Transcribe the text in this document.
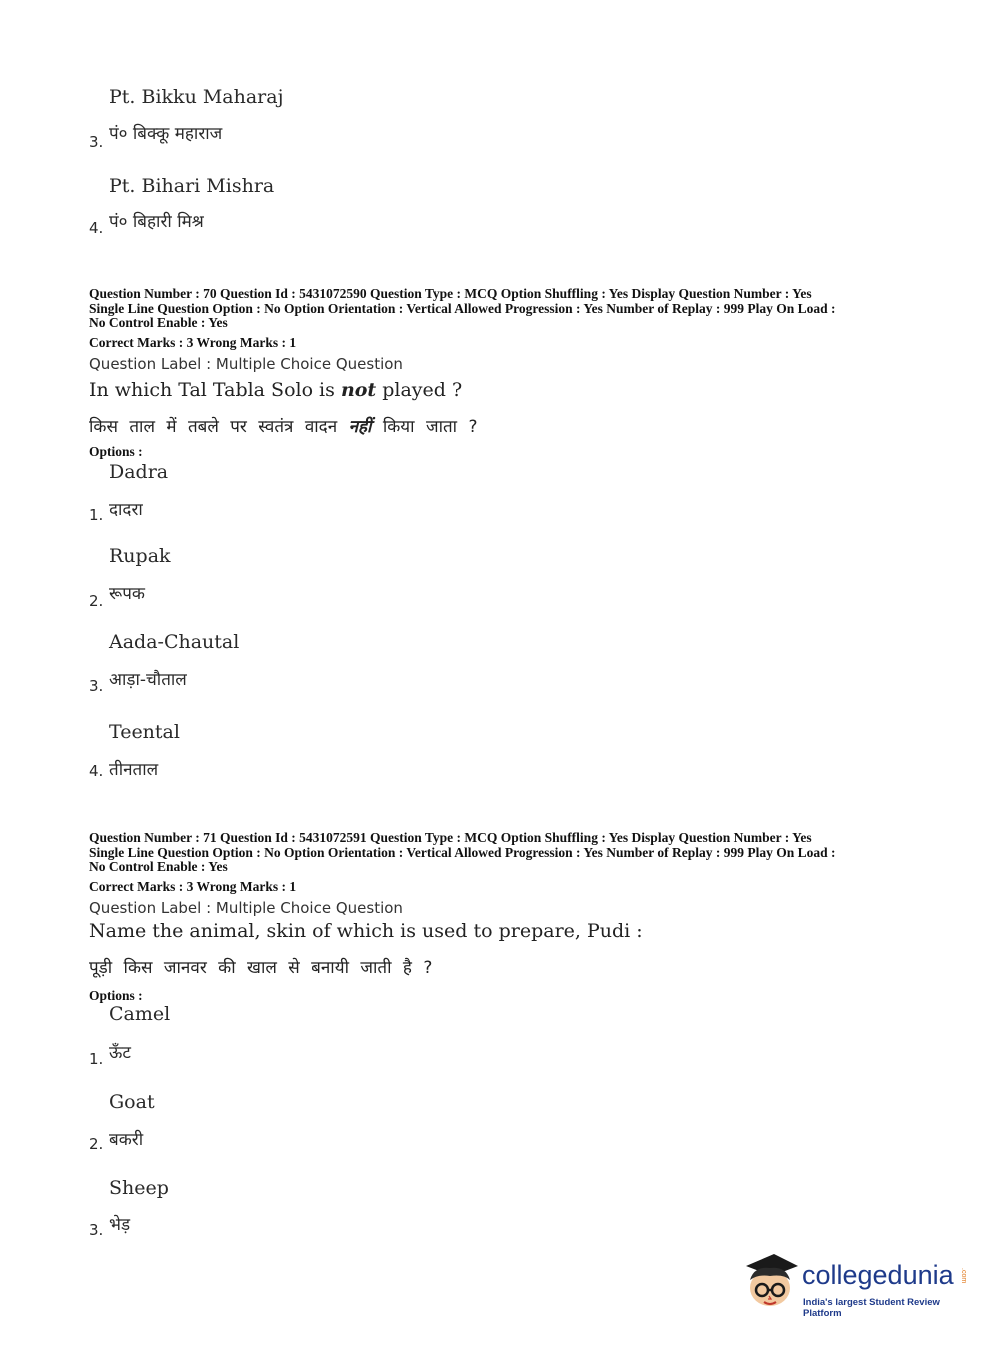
Pt. Bikku Maharaj
3. पं० बिक्कू महाराज
Pt. Bihari Mishra
4. पं० बिहारी मिश्र
Question Number : 70 Question Id : 5431072590 Question Type : MCQ Option Shuffling : Yes Display Question Number : Yes
Single Line Question Option : No Option Orientation : Vertical Allowed Progression : Yes Number of Replay : 999 Play On Load :
No Control Enable : Yes
Correct Marks : 3 Wrong Marks : 1
Question Label : Multiple Choice Question
In which Tal Tabla Solo is not played ?
किस ताल में तबले पर स्वतंत्र वादन नहीं किया जाता ?
Options :
Dadra
1. दादरा
Rupak
2. रूपक
Aada-Chautal
3. आड़ा-चौताल
Teental
4. तीनताल
Question Number : 71 Question Id : 5431072591 Question Type : MCQ Option Shuffling : Yes Display Question Number : Yes
Single Line Question Option : No Option Orientation : Vertical Allowed Progression : Yes Number of Replay : 999 Play On Load :
No Control Enable : Yes
Correct Marks : 3 Wrong Marks : 1
Question Label : Multiple Choice Question
Name the animal, skin of which is used to prepare, Pudi :
पूड़ी किस जानवर की खाल से बनायी जाती है ?
Options :
Camel
1. ऊँट
Goat
2. बकरी
Sheep
3. भेड़
collegedunia .com
India's largest Student Review Platform
